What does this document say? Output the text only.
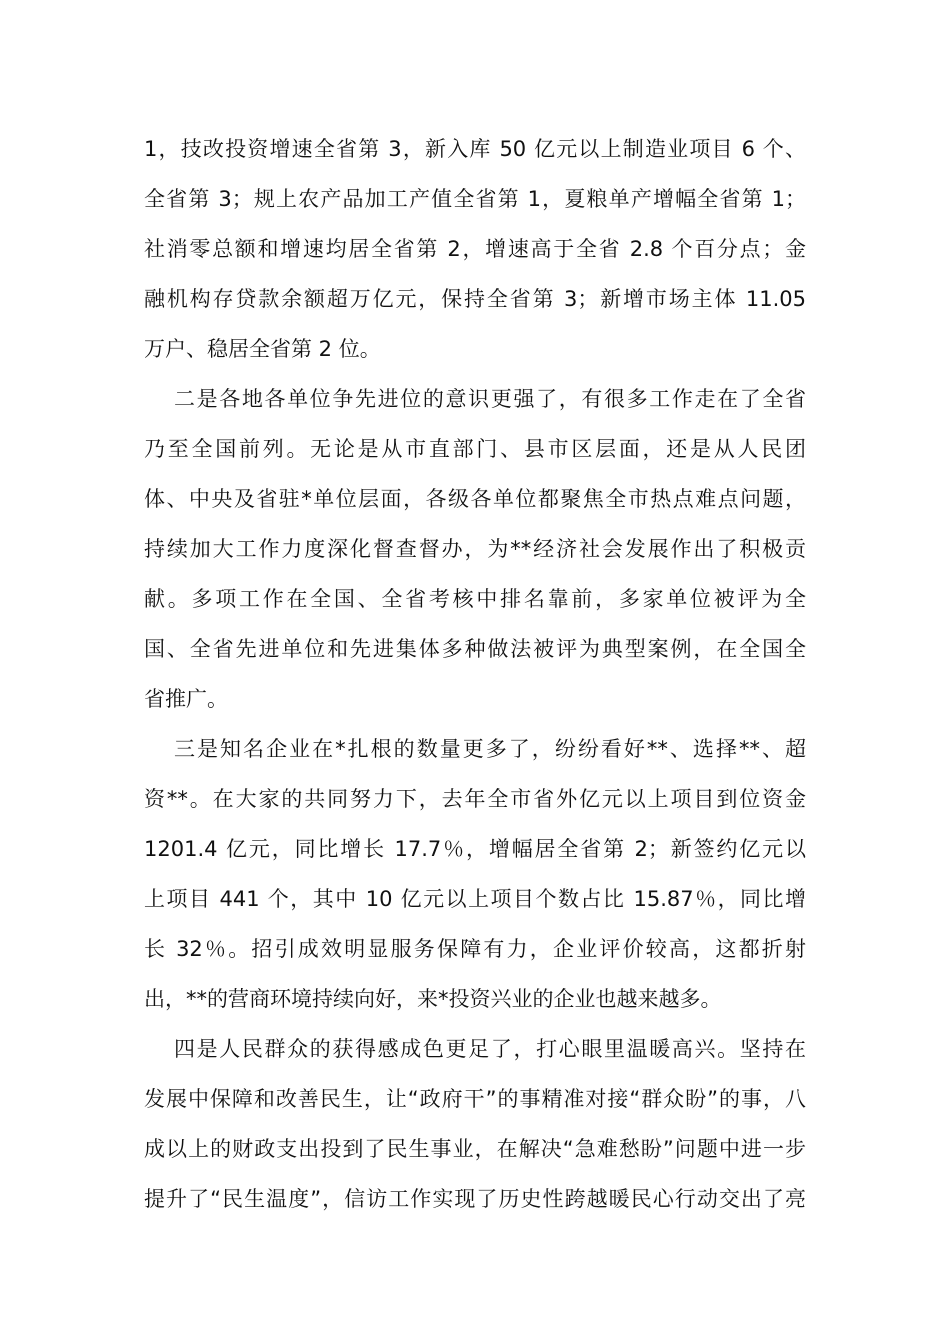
1，技改投资增速全省第 3，新入库 50 亿元以上制造业项目 6 个、
全省第 3；规上农产品加工产值全省第 1，夏粮单产增幅全省第 1；
社消零总额和增速均居全省第 2，增速高于全省 2.8 个百分点；金
融机构存贷款余额超万亿元，保持全省第 3；新增市场主体 11.05
万户、稳居全省第 2 位。
二是各地各单位争先进位的意识更强了，有很多工作走在了全省
乃至全国前列。无论是从市直部门、县市区层面，还是从人民团
体、中央及省驻*单位层面，各级各单位都聚焦全市热点难点问题，
持续加大工作力度深化督查督办，为**经济社会发展作出了积极贡
献。多项工作在全国、全省考核中排名靠前，多家单位被评为全
国、全省先进单位和先进集体多种做法被评为典型案例，在全国全
省推广。
三是知名企业在*扎根的数量更多了，纷纷看好**、选择**、超
资**。在大家的共同努力下，去年全市省外亿元以上项目到位资金
1201.4 亿元，同比增长 17.7％，增幅居全省第 2；新签约亿元以
上项目 441 个，其中 10 亿元以上项目个数占比 15.87％，同比增
长 32％。招引成效明显服务保障有力，企业评价较高，这都折射
出，**的营商环境持续向好，来*投资兴业的企业也越来越多。
四是人民群众的获得感成色更足了，打心眼里温暖高兴。坚持在
发展中保障和改善民生，让“政府干”的事精准对接“群众盼”的事，八
成以上的财政支出投到了民生事业，在解决“急难愁盼”问题中进一步
提升了“民生温度”，信访工作实现了历史性跨越暖民心行动交出了亮
